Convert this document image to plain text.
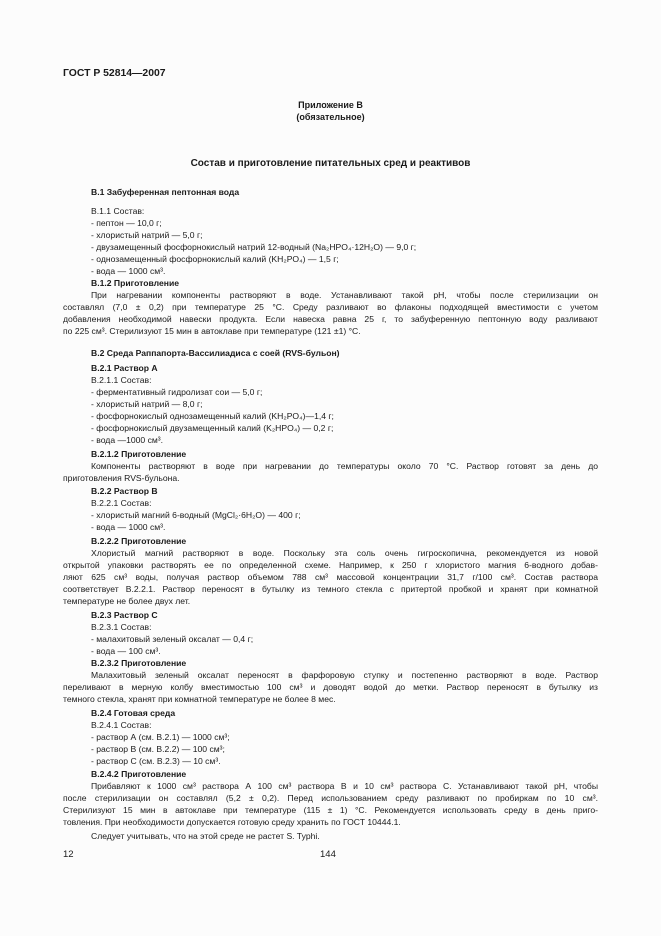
ГОСТ Р 52814—2007
Приложение В
(обязательное)
Состав и приготовление питательных сред и реактивов
B.1 Забуференная пептонная вода
В.1.1 Состав:
- пептон — 10,0 г;
- хлористый натрий — 5,0 г;
- двузамещенный фосфорнокислый натрий 12-водный (Na₂HPO₄·12H₂O) — 9,0 г;
- однозамещенный фосфорнокислый калий (KH₂PO₄) — 1,5 г;
- вода — 1000 см³.
В.1.2 Приготовление
При нагревании компоненты растворяют в воде. Устанавливают такой pH, чтобы после стерилизации он
составлял (7,0 ± 0,2) при температуре 25 °С. Среду разливают во флаконы подходящей вместимости с учетом
добавления необходимой навески продукта. Если навеска равна 25 г, то забуференную пептонную воду разливают
по 225 см³. Стерилизуют 15 мин в автоклаве при температуре (121 ±1) °С.
B.2 Среда Раппапорта-Вассилиадиса с соей (RVS-бульон)
В.2.1 Раствор А
В.2.1.1 Состав:
- ферментативный гидролизат сои — 5,0 г;
- хлористый натрий — 8,0 г;
- фосфорнокислый однозамещенный калий (KH₂PO₄)—1,4 г;
- фосфорнокислый двузамещенный калий (K₂HPO₄) — 0,2 г;
- вода —1000 см³.
В.2.1.2 Приготовление
Компоненты растворяют в воде при нагревании до температуры около 70 °С. Раствор готовят за день до
приготовления RVS-бульона.
В.2.2 Раствор В
В.2.2.1 Состав:
- хлористый магний 6-водный (MgCl₂·6H₂O) — 400 г;
- вода — 1000 см³.
В.2.2.2 Приготовление
Хлористый магний растворяют в воде. Поскольку эта соль очень гигроскопична, рекомендуется из новой
открытой упаковки растворять ее по определенной схеме. Например, к 250 г хлористого магния 6-водного добав-
ляют 625 см³ воды, получая раствор объемом 788 см³ массовой концентрации 31,7 г/100 см³. Состав раствора
соответствует В.2.2.1. Раствор переносят в бутылку из темного стекла с притертой пробкой и хранят при комнатной
температуре не более двух лет.
В.2.3 Раствор С
В.2.3.1 Состав:
- малахитовый зеленый оксалат — 0,4 г;
- вода — 100 см³.
В.2.3.2 Приготовление
Малахитовый зеленый оксалат переносят в фарфоровую ступку и постепенно растворяют в воде. Раствор
переливают в мерную колбу вместимостью 100 см³ и доводят водой до метки. Раствор переносят в бутылку из
темного стекла, хранят при комнатной температуре не более 8 мес.
В.2.4 Готовая среда
В.2.4.1 Состав:
- раствор А (см. В.2.1) — 1000 см³;
- раствор В (см. В.2.2) — 100 см³;
- раствор С (см. В.2.3) — 10 см³.
В.2.4.2 Приготовление
Прибавляют к 1000 см³ раствора А 100 см³ раствора В и 10 см³ раствора С. Устанавливают такой pH, чтобы
после стерилизации он составлял (5,2 ± 0,2). Перед использованием среду разливают по пробиркам по 10 см³.
Стерилизуют 15 мин в автоклаве при температуре (115 ± 1) °С. Рекомендуется использовать среду в день приго-
товления. При необходимости допускается готовую среду хранить по ГОСТ 10444.1.
Следует учитывать, что на этой среде не растет S. Typhi.
12	144
